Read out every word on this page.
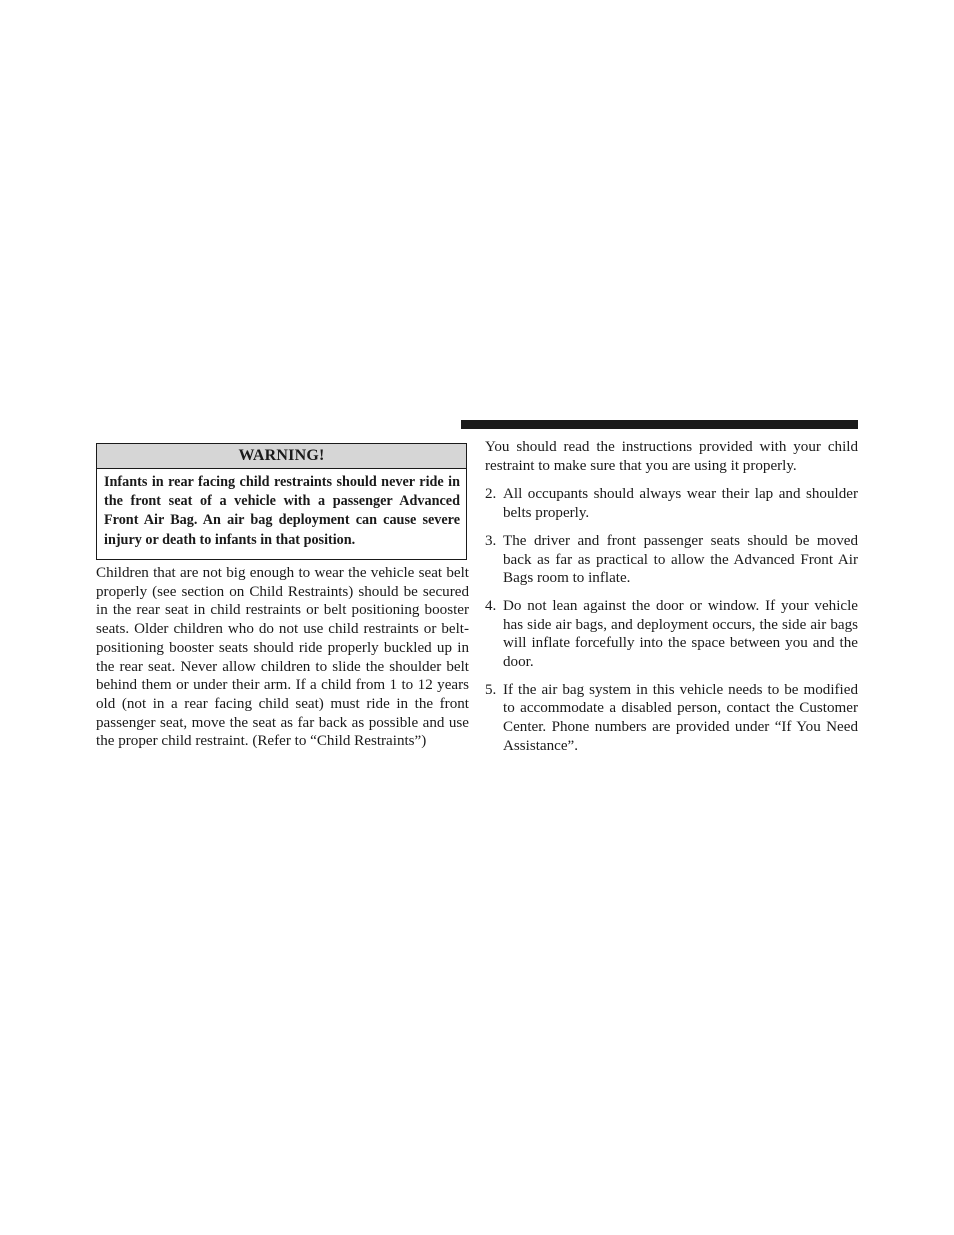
WARNING!
Infants in rear facing child restraints should never ride in the front seat of a vehicle with a passenger Advanced Front Air Bag. An air bag deployment can cause severe injury or death to infants in that position.

Children that are not big enough to wear the vehicle seat belt properly (see section on Child Restraints) should be secured in the rear seat in child restraints or belt positioning booster seats. Older children who do not use child restraints or belt-positioning booster seats should ride properly buckled up in the rear seat. Never allow children to slide the shoulder belt behind them or under their arm. If a child from 1 to 12 years old (not in a rear facing child seat) must ride in the front passenger seat, move the seat as far back as possible and use the proper child restraint. (Refer to “Child Restraints”)

You should read the instructions provided with your child restraint to make sure that you are using it properly.

2. All occupants should always wear their lap and shoulder belts properly.
3. The driver and front passenger seats should be moved back as far as practical to allow the Advanced Front Air Bags room to inflate.
4. Do not lean against the door or window. If your vehicle has side air bags, and deployment occurs, the side air bags will inflate forcefully into the space between you and the door.
5. If the air bag system in this vehicle needs to be modified to accommodate a disabled person, contact the Customer Center. Phone numbers are provided under “If You Need Assistance”.
